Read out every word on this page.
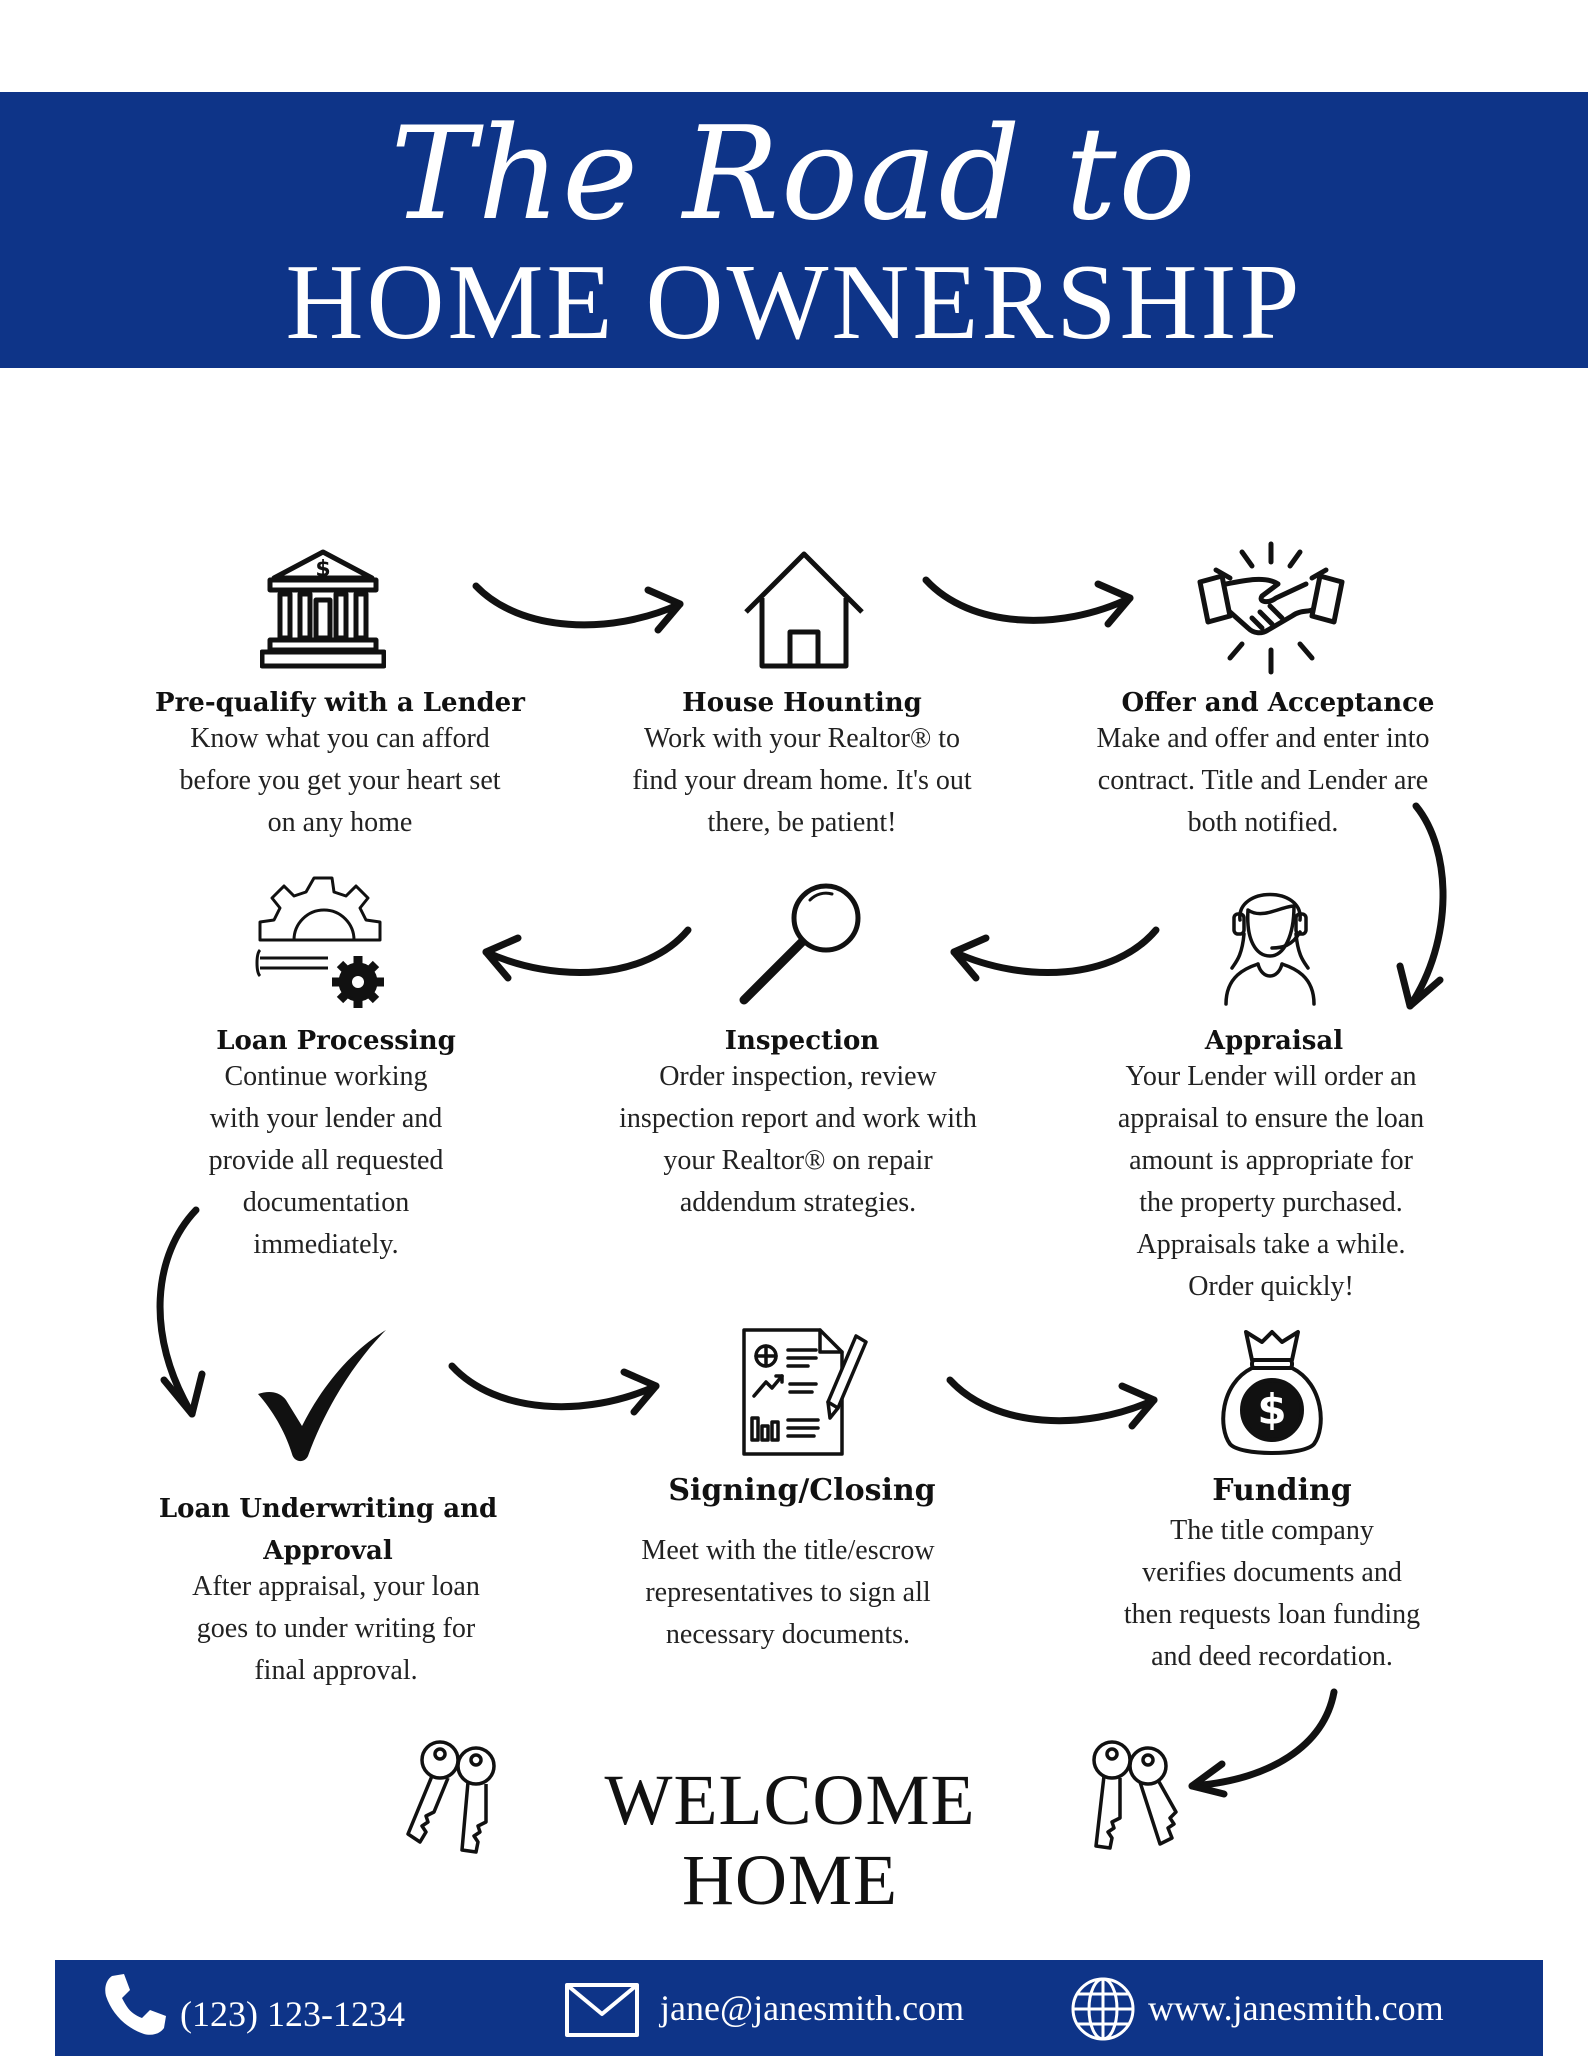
The Road to
HOME OWNERSHIP
$
Pre-qualify with a Lender
Know what you can afford
before you get your heart set
on any home
House Hounting
Work with your Realtor® to
find your dream home. It's out
there, be patient!
Offer and Acceptance
Make and offer and enter into
contract. Title and Lender are
both notified.
Loan Processing
Continue working
with your lender and
provide all requested
documentation
immediately.
Inspection
Order inspection, review
inspection report and work with
your Realtor® on repair
addendum strategies.
Appraisal
Your Lender will order an
appraisal to ensure the loan
amount is appropriate for
the property purchased.
Appraisals take a while.
Order quickly!
$
Loan Underwriting and
Approval
After appraisal, your loan
goes to under writing for
final approval.
Signing/Closing
Meet with the title/escrow
representatives to sign all
necessary documents.
Funding
The title company
verifies documents and
then requests loan funding
and deed recordation.
WELCOME HOME
(123) 123-1234	jane@janesmith.com	www.janesmith.com
